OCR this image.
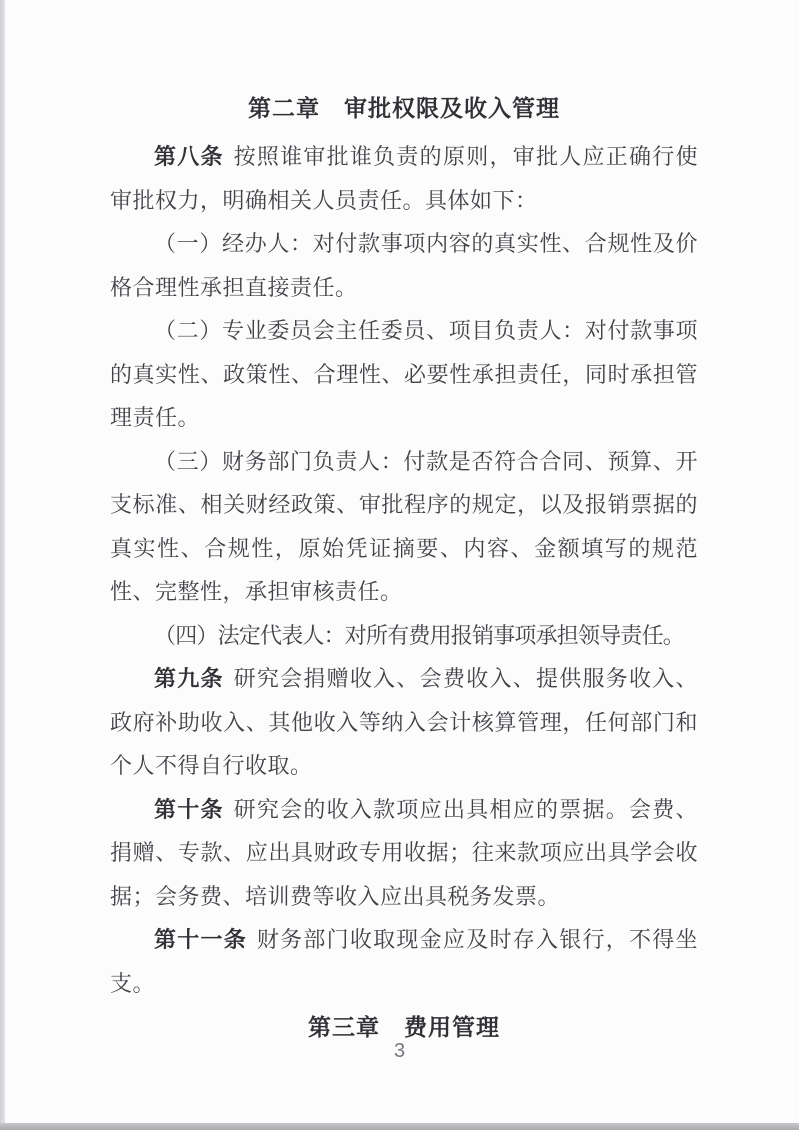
第二章　审批权限及收入管理

第八条 按照谁审批谁负责的原则，审批人应正确行使审批权力，明确相关人员责任。具体如下：

（一）经办人：对付款事项内容的真实性、合规性及价格合理性承担直接责任。

（二）专业委员会主任委员、项目负责人：对付款事项的真实性、政策性、合理性、必要性承担责任，同时承担管理责任。

（三）财务部门负责人：付款是否符合合同、预算、开支标准、相关财经政策、审批程序的规定，以及报销票据的真实性、合规性，原始凭证摘要、内容、金额填写的规范性、完整性，承担审核责任。

（四）法定代表人：对所有费用报销事项承担领导责任。

第九条 研究会捐赠收入、会费收入、提供服务收入、政府补助收入、其他收入等纳入会计核算管理，任何部门和个人不得自行收取。

第十条 研究会的收入款项应出具相应的票据。会费、捐赠、专款、应出具财政专用收据；往来款项应出具学会收据；会务费、培训费等收入应出具税务发票。

第十一条 财务部门收取现金应及时存入银行，不得坐支。

第三章　费用管理
3
